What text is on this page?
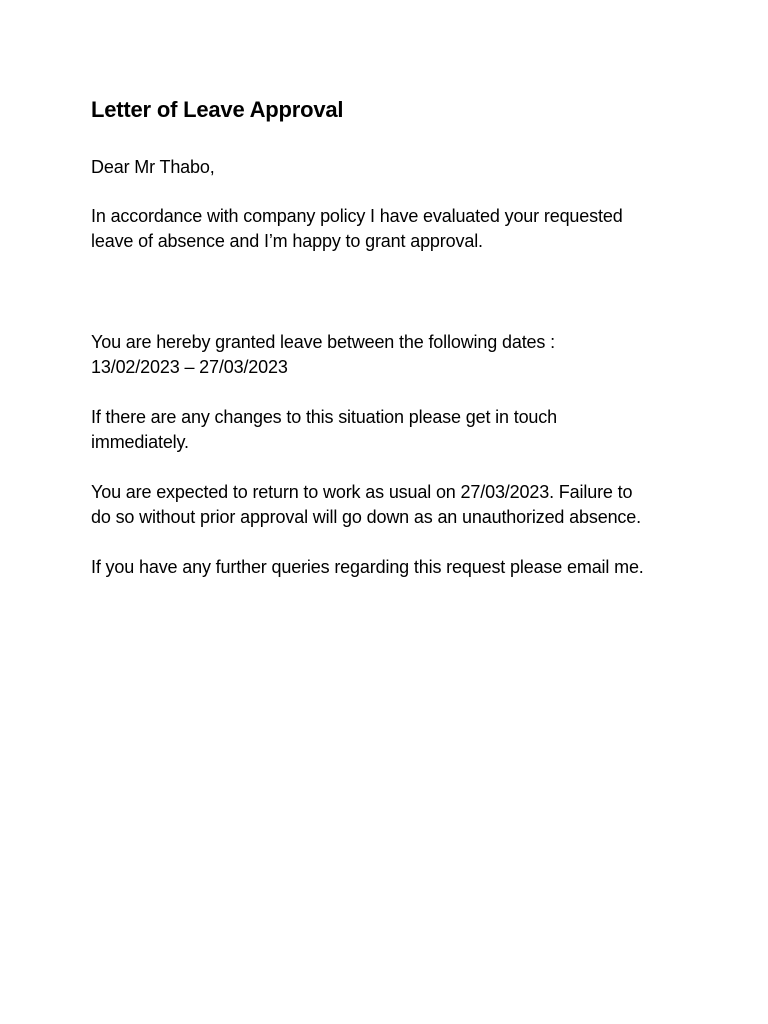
Letter of Leave Approval

Dear Mr Thabo,

In accordance with company policy I have evaluated your requested
leave of absence and I’m happy to grant approval.

You are hereby granted leave between the following dates :
13/02/2023 – 27/03/2023

If there are any changes to this situation please get in touch
immediately.

You are expected to return to work as usual on 27/03/2023. Failure to
do so without prior approval will go down as an unauthorized absence.

If you have any further queries regarding this request please email me.
